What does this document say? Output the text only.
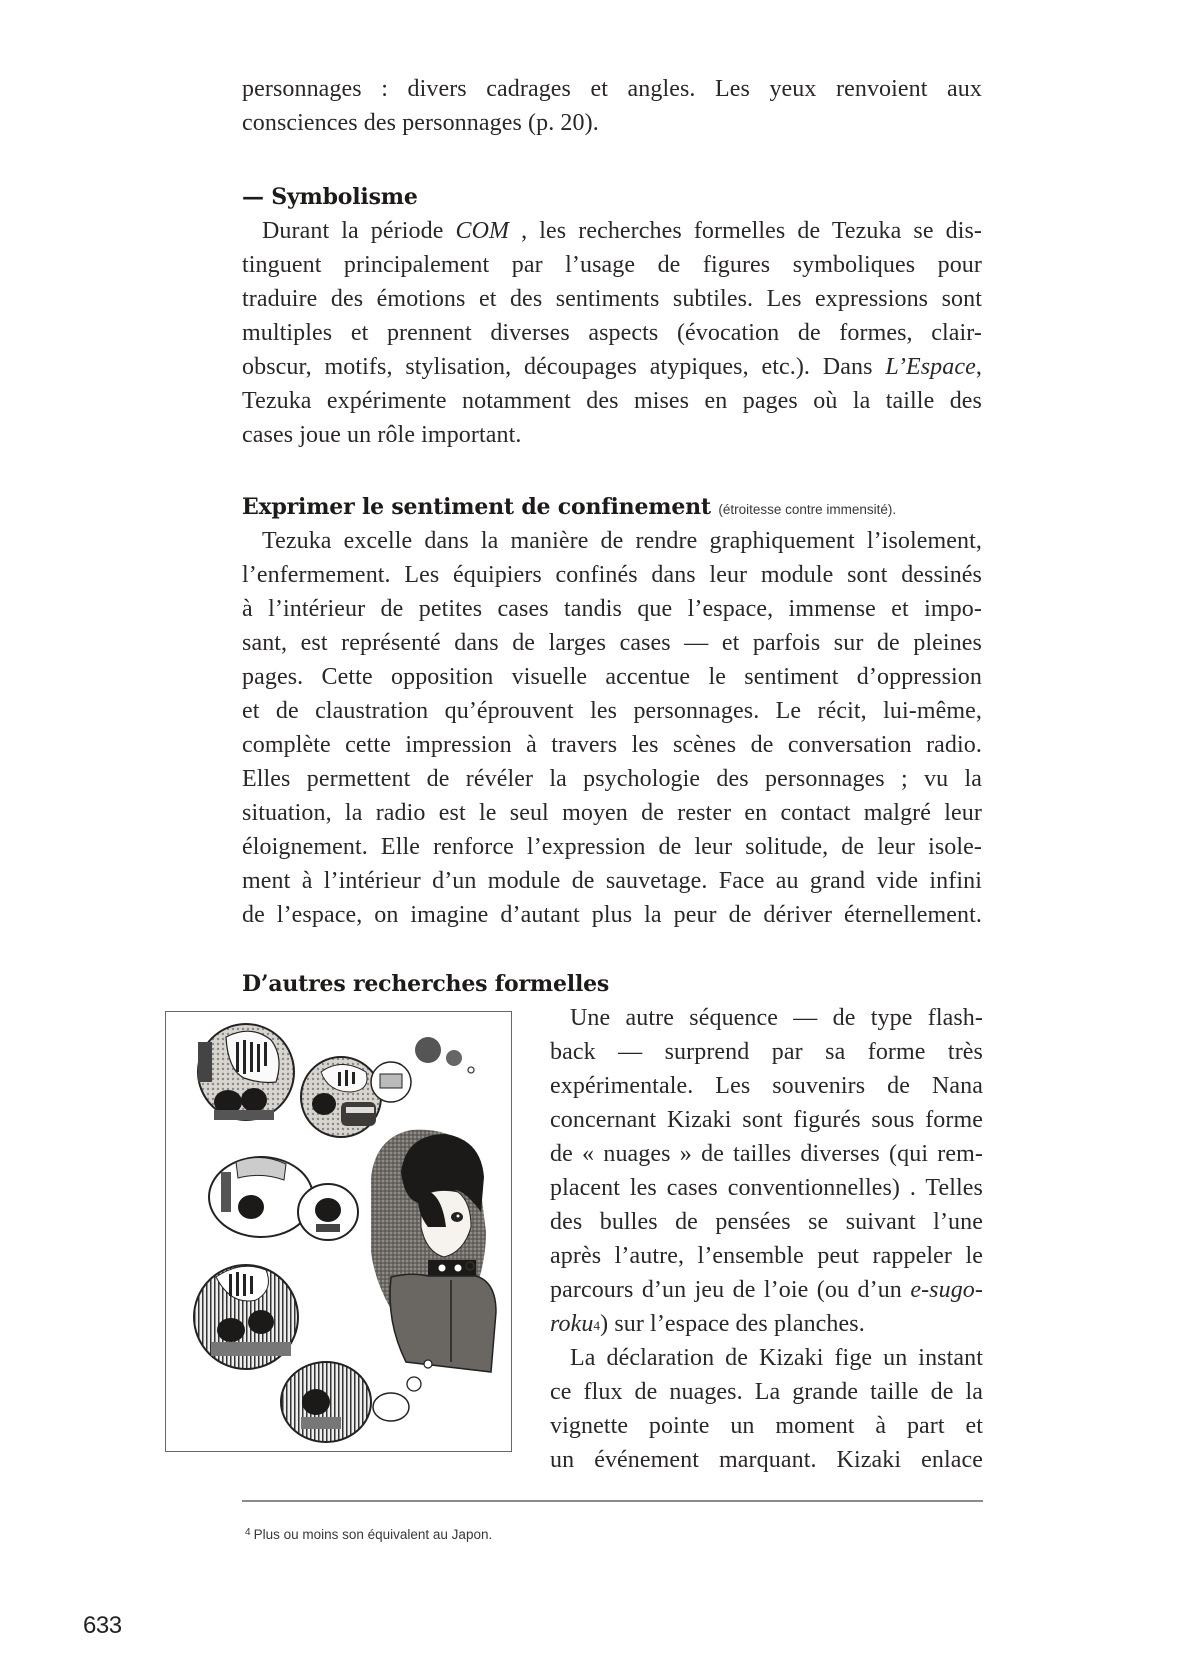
personnages : divers cadrages et angles. Les yeux renvoient aux
consciences des personnages (p. 20).
— Symbolisme
Durant la période COM , les recherches formelles de Tezuka se dis-
tinguent principalement par l’usage de figures symboliques pour
traduire des émotions et des sentiments subtiles. Les expressions sont
multiples et prennent diverses aspects (évocation de formes, clair-
obscur, motifs, stylisation, découpages atypiques, etc.). Dans L’Espace,
Tezuka expérimente notamment des mises en pages où la taille des
cases joue un rôle important.
Exprimer le sentiment de confinement (étroitesse contre immensité).
Tezuka excelle dans la manière de rendre graphiquement l’isolement,
l’enfermement. Les équipiers confinés dans leur module sont dessinés
à l’intérieur de petites cases tandis que l’espace, immense et impo-
sant, est représenté dans de larges cases — et parfois sur de pleines
pages. Cette opposition visuelle accentue le sentiment d’oppression
et de claustration qu’éprouvent les personnages. Le récit, lui-même,
complète cette impression à travers les scènes de conversation radio.
Elles permettent de révéler la psychologie des personnages ; vu la
situation, la radio est le seul moyen de rester en contact malgré leur
éloignement. Elle renforce l’expression de leur solitude, de leur isole-
ment à l’intérieur d’un module de sauvetage. Face au grand vide infini
de l’espace, on imagine d’autant plus la peur de dériver éternellement.
D’autres recherches formelles
Une autre séquence — de type flash-
back — surprend par sa forme très
expérimentale. Les souvenirs de Nana
concernant Kizaki sont figurés sous forme
de « nuages » de tailles diverses (qui rem-
placent les cases conventionnelles) . Telles
des bulles de pensées se suivant l’une
après l’autre, l’ensemble peut rappeler le
parcours d’un jeu de l’oie (ou d’un e-sugo-
roku$^4$) sur l’espace des planches.
La déclaration de Kizaki fige un instant
ce flux de nuages. La grande taille de la
vignette pointe un moment à part et
un événement marquant. Kizaki enlace
$^4$ Plus ou moins son équivalent au Japon.
633
